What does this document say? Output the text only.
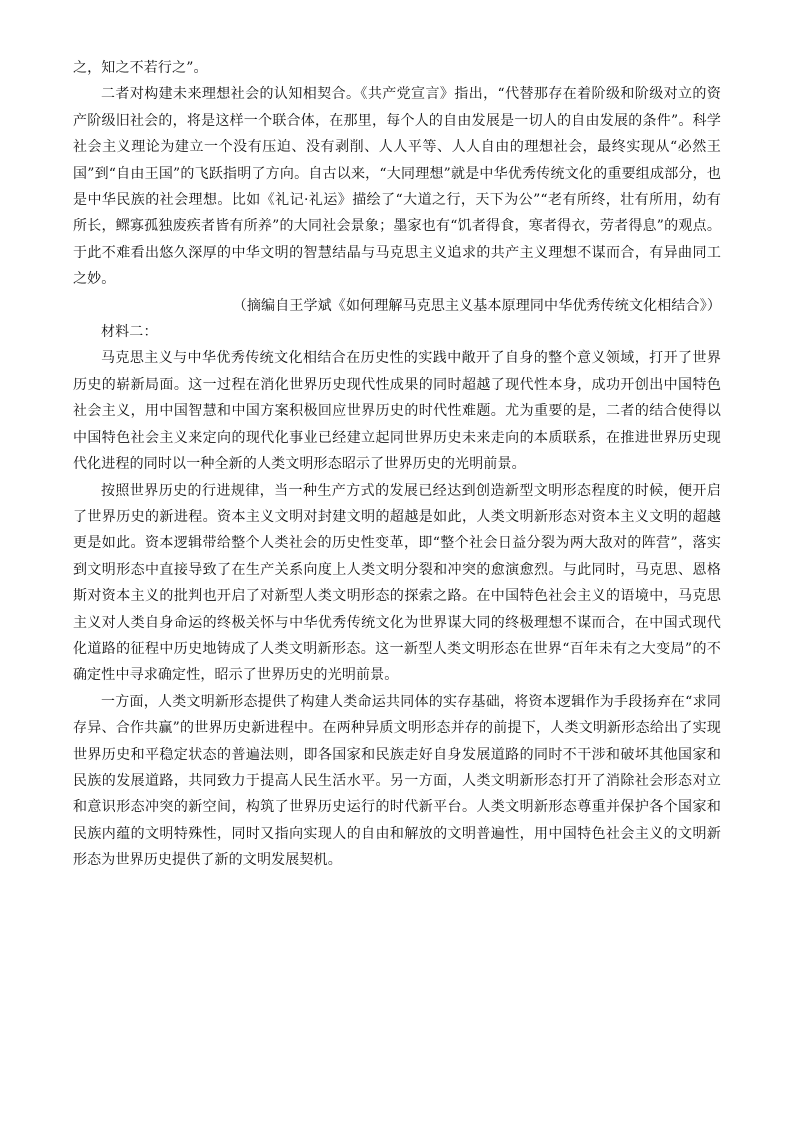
之，知之不若行之”。

二者对构建未来理想社会的认知相契合。《共产党宣言》指出，“代替那存在着阶级和阶级对立的资产阶级旧社会的，将是这样一个联合体，在那里，每个人的自由发展是一切人的自由发展的条件”。科学社会主义理论为建立一个没有压迫、没有剥削、人人平等、人人自由的理想社会，最终实现从“必然王国”到“自由王国”的飞跃指明了方向。自古以来，“大同理想”就是中华优秀传统文化的重要组成部分，也是中华民族的社会理想。比如《礼记·礼运》描绘了“大道之行，天下为公”“老有所终，壮有所用，幼有所长，鳏寡孤独废疾者皆有所养”的大同社会景象；墨家也有“饥者得食，寒者得衣，劳者得息”的观点。于此不难看出悠久深厚的中华文明的智慧结晶与马克思主义追求的共产主义理想不谋而合，有异曲同工之妙。

（摘编自王学斌《如何理解马克思主义基本原理同中华优秀传统文化相结合》）

材料二：

马克思主义与中华优秀传统文化相结合在历史性的实践中敞开了自身的整个意义领域，打开了世界历史的崭新局面。这一过程在消化世界历史现代性成果的同时超越了现代性本身，成功开创出中国特色社会主义，用中国智慧和中国方案积极回应世界历史的时代性难题。尤为重要的是，二者的结合使得以中国特色社会主义来定向的现代化事业已经建立起同世界历史未来走向的本质联系，在推进世界历史现代化进程的同时以一种全新的人类文明形态昭示了世界历史的光明前景。

按照世界历史的行进规律，当一种生产方式的发展已经达到创造新型文明形态程度的时候，便开启了世界历史的新进程。资本主义文明对封建文明的超越是如此，人类文明新形态对资本主义文明的超越更是如此。资本逻辑带给整个人类社会的历史性变革，即“整个社会日益分裂为两大敌对的阵营”，落实到文明形态中直接导致了在生产关系向度上人类文明分裂和冲突的愈演愈烈。与此同时，马克思、恩格斯对资本主义的批判也开启了对新型人类文明形态的探索之路。在中国特色社会主义的语境中，马克思主义对人类自身命运的终极关怀与中华优秀传统文化为世界谋大同的终极理想不谋而合，在中国式现代化道路的征程中历史地铸成了人类文明新形态。这一新型人类文明形态在世界“百年未有之大变局”的不确定性中寻求确定性，昭示了世界历史的光明前景。

一方面，人类文明新形态提供了构建人类命运共同体的实存基础，将资本逻辑作为手段扬弃在“求同存异、合作共赢”的世界历史新进程中。在两种异质文明形态并存的前提下，人类文明新形态给出了实现世界历史和平稳定状态的普遍法则，即各国家和民族走好自身发展道路的同时不干涉和破坏其他国家和民族的发展道路，共同致力于提高人民生活水平。另一方面，人类文明新形态打开了消除社会形态对立和意识形态冲突的新空间，构筑了世界历史运行的时代新平台。人类文明新形态尊重并保护各个国家和民族内蕴的文明特殊性，同时又指向实现人的自由和解放的文明普遍性，用中国特色社会主义的文明新形态为世界历史提供了新的文明发展契机。
